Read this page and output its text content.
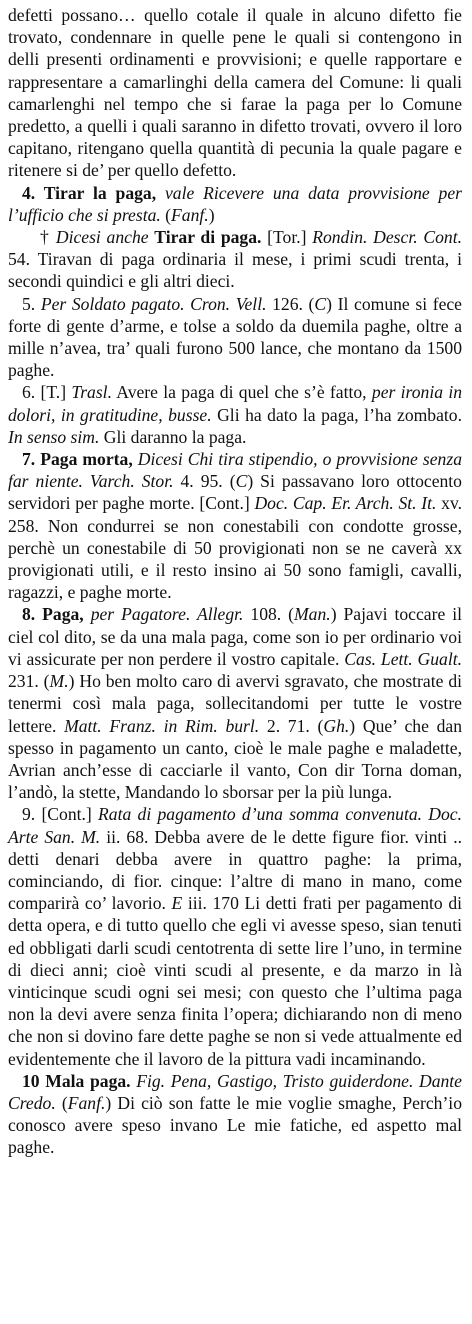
defetti possano… quello cotale il quale in alcuno difetto fie trovato, condennare in quelle pene le quali si contengono in delli presenti ordinamenti e provvisioni; e quelle rapportare e rappresentare a camarlinghi della camera del Comune: li quali camarlenghi nel tempo che si farae la paga per lo Comune predetto, a quelli i quali saranno in difetto trovati, ovvero il loro capitano, ritengano quella quantità di pecunia la quale pagare e ritenere si de’ per quello defetto.

4. Tirar la paga, vale Ricevere una data provvisione per l’ufficio che si presta. (Fanf.)

† Dicesi anche Tirar di paga. [Tor.] Rondin. Descr. Cont. 54. Tiravan di paga ordinaria il mese, i primi scudi trenta, i secondi quindici e gli altri dieci.

5. Per Soldato pagato. Cron. Vell. 126. (C) Il comune si fece forte di gente d’arme, e tolse a soldo da duemila paghe, oltre a mille n’avea, tra’ quali furono 500 lance, che montano da 1500 paghe.

6. [T.] Trasl. Avere la paga di quel che s’è fatto, per ironia in dolori, in gratitudine, busse. Gli ha dato la paga, l’ha zombato. In senso sim. Gli daranno la paga.

7. Paga morta, Dicesi Chi tira stipendio, o provvisione senza far niente. Varch. Stor. 4. 95. (C) Si passavano loro ottocento servidori per paghe morte. [Cont.] Doc. Cap. Er. Arch. St. It. xv. 258. Non condurrei se non conestabili con condotte grosse, perchè un conestabile di 50 provigionati non se ne caverà xx provigionati utili, e il resto insino ai 50 sono famigli, cavalli, ragazzi, e paghe morte.

8. Paga, per Pagatore. Allegr. 108. (Man.) Pajavi toccare il ciel col dito, se da una mala paga, come son io per ordinario voi vi assicurate per non perdere il vostro capitale. Cas. Lett. Gualt. 231. (M.) Ho ben molto caro di avervi sgravato, che mostrate di tenermi così mala paga, sollecitandomi per tutte le vostre lettere. Matt. Franz. in Rim. burl. 2. 71. (Gh.) Que’ che dan spesso in pagamento un canto, cioè le male paghe e maladette, Avrian anch’esse di cacciarle il vanto, Con dir Torna doman, l’andò, la stette, Mandando lo sborsar per la più lunga.

9. [Cont.] Rata di pagamento d’una somma convenuta. Doc. Arte San. M. ii. 68. Debba avere de le dette figure fior. vinti .. detti denari debba avere in quattro paghe: la prima, cominciando, di fior. cinque: l’altre di mano in mano, come comparirà co’ lavorio. E iii. 170 Li detti frati per pagamento di detta opera, e di tutto quello che egli vi avesse speso, sian tenuti ed obbligati darli scudi centotrenta di sette lire l’uno, in termine di dieci anni; cioè vinti scudi al presente, e da marzo in là vinticinque scudi ogni sei mesi; con questo che l’ultima paga non la devi avere senza finita l’opera; dichiarando non di meno che non si dovino fare dette paghe se non si vede attualmente ed evidentemente che il lavoro de la pittura vadi incaminando.

10 Mala paga. Fig. Pena, Gastigo, Tristo guiderdone. Dante Credo. (Fanf.) Di ciò son fatte le mie voglie smaghe, Perch’io conosco avere speso invano Le mie fatiche, ed aspetto mal paghe.
